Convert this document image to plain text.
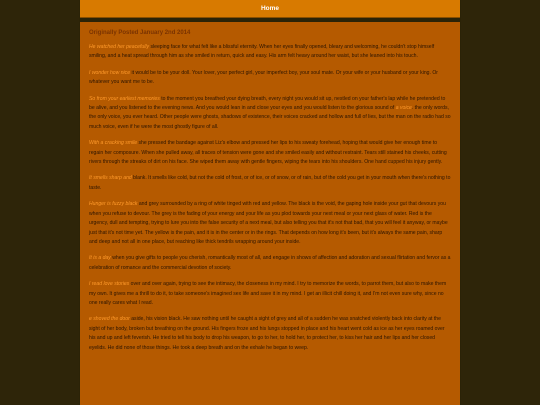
Home
Originally Posted January 2nd 2014

He watched her peacefully sleeping face for what felt like a blissful eternity. When her eyes finally opened, bleary and welcoming, he couldn't stop himself smiling, and a heat spread through him as she smiled in return, quick and easy. His arm felt heavy around her waist, but she leaned into his touch.

I wonder how nice it would be to be your doll. Your lover, your perfect girl, your imperfect boy, your soul mate. Or your wife or your husband or your king. Or whatever you want me to be.

So from your earliest memories to the moment you breathed your dying breath, every night you would sit up, nestled on your father's lap while he pretended to be alive, and you listened to the evening news. And you would lean in and close your eyes and you would listen to the glorious sound of a voice. the only words, the only voice, you ever heard. Other people were ghosts, shadows of existence, their voices cracked and hollow and full of lies, but the man on the radio had so much voice, even if he were the most ghostly figure of all.

With a cracking smile she pressed the bandage against Liz's elbow and pressed her lips to his sweaty forehead, hoping that would give her enough time to regain her composure. When she pulled away, all traces of tension were gone and she smiled easily and without restraint. Tears still stained his cheeks, cutting rivers through the streaks of dirt on his face. She wiped them away with gentle fingers, wiping the tears into his shoulders. One hand cupped his injury gently.

It smells sharp and blank. It smells like cold, but not the cold of frost, or of ice, or of snow, or of rain, but of the cold you get in your mouth when there's nothing to taste.

Hunger is fuzzy black and grey surrounded by a ring of white tinged with red and yellow. The black is the void, the gaping hole inside your gut that devours you when you refuse to devour. The grey is the fading of your energy and your life as you plod towards your next meal or your next glass of water. Red is the urgency, dull and tempting, trying to lure you into the false security of a next meal, but also telling you that it's not that bad, that you will feel it anyway, or maybe just that it's not time yet. The yellow is the pain, and it is in the center or in the rings. That depends on how long it's been, but it's always the same pain, sharp and deep and not all in one place, but reaching like thick tendrils wrapping around your inside.

It is a day when you give gifts to people you cherish, romantically most of all, and engage in shows of affection and adoration and sexual flirtation and fervor as a celebration of romance and the commercial devotion of society.

I read love stories over and over again, trying to see the intimacy, the closeness in my mind. I try to memorize the words, to parrot them, but also to make them my own. It gives me a thrill to do it, to take someone's imagined sex life and save it in my mind. I get an illicit chill doing it, and I'm not even sure why, since no one really cares what I read.

e shoved the door aside, his vision black. He saw nothing until he caught a sight of grey and all of a sudden he was snatched violently back into clarity at the sight of her body, broken but breathing on the ground. His fingers froze and his lungs stopped in place and his heart went cold as ice as her eyes roamed over his and up and left feverish. He tried to tell his body to drop his weapon, to go to her, to hold her, to protect her, to kiss her hair and her lips and her closed eyelids. He did none of those things. He took a deep breath and on the exhale he began to weep.
